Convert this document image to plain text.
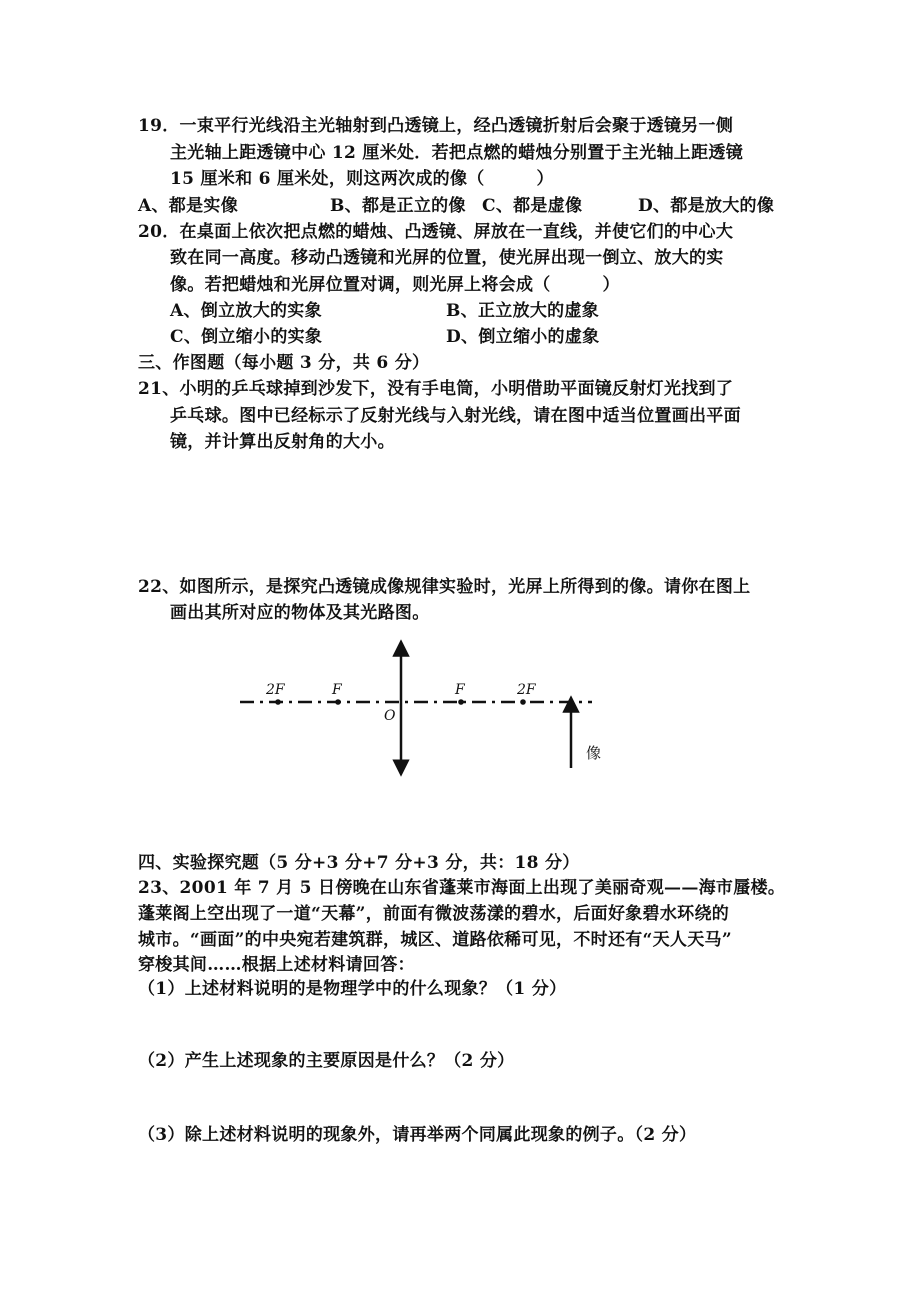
19．一束平行光线沿主光轴射到凸透镜上，经凸透镜折射后会聚于透镜另一侧
主光轴上距透镜中心 12 厘米处．若把点燃的蜡烛分别置于主光轴上距透镜
15 厘米和 6 厘米处，则这两次成的像（　　　）
A、都是实像	B、都是正立的像 C、都是虚像	D、都是放大的像
20．在桌面上依次把点燃的蜡烛、凸透镜、屏放在一直线，并使它们的中心大
致在同一高度。移动凸透镜和光屏的位置，使光屏出现一倒立、放大的实
像。若把蜡烛和光屏位置对调，则光屏上将会成（　　　）
A、倒立放大的实象	B、正立放大的虚象
C、倒立缩小的实象	D、倒立缩小的虚象
三、作图题（每小题 3 分，共 6 分）
21、小明的乒乓球掉到沙发下，没有手电筒，小明借助平面镜反射灯光找到了
乒乓球。图中已经标示了反射光线与入射光线，请在图中适当位置画出平面
镜，并计算出反射角的大小。
22、如图所示，是探究凸透镜成像规律实验时，光屏上所得到的像。请你在图上
画出其所对应的物体及其光路图。
2F	F
O
F	2F
像
四、实验探究题（5 分+3 分+7 分+3 分，共：18 分）
23、2001 年 7 月 5 日傍晚在山东省蓬莱市海面上出现了美丽奇观——海市蜃楼。
蓬莱阁上空出现了一道“天幕”，前面有微波荡漾的碧水，后面好象碧水环绕的
城市。“画面”的中央宛若建筑群，城区、道路依稀可见，不时还有“天人天马”
穿梭其间……根据上述材料请回答：
（1）上述材料说明的是物理学中的什么现象？（1 分）
（2）产生上述现象的主要原因是什么？（2 分）
（3）除上述材料说明的现象外，请再举两个同属此现象的例子。（2 分）
